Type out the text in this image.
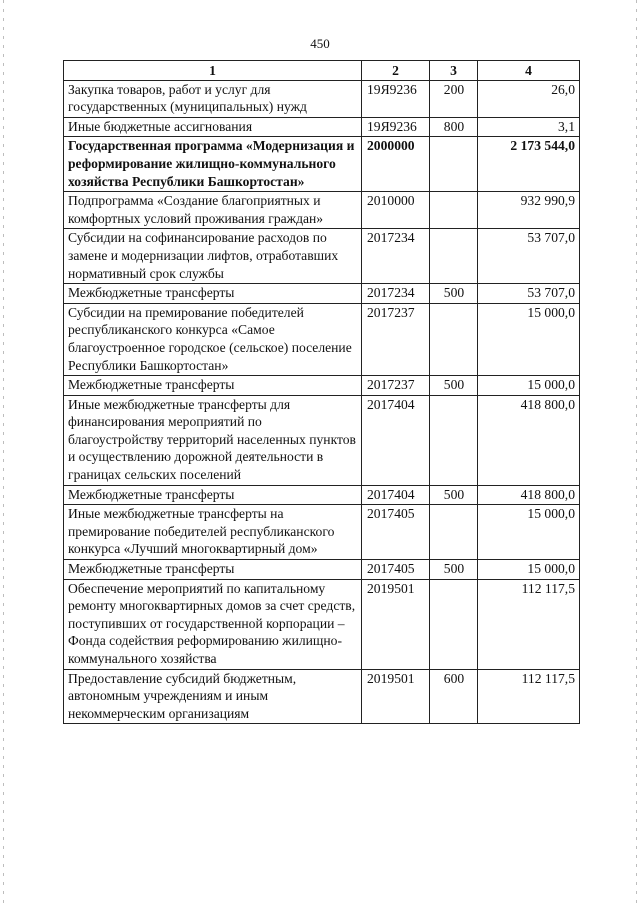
450
1	2	3	4
Закупка товаров, работ и услуг для государственных (муниципальных) нужд	19Я9236	200	26,0
Иные бюджетные ассигнования	19Я9236	800	3,1
Государственная программа «Модернизация и реформирование жилищно-коммунального хозяйства Республики Башкортостан»	2000000		2 173 544,0
Подпрограмма «Создание благоприятных и комфортных условий проживания граждан»	2010000		932 990,9
Субсидии на софинансирование расходов по замене и модернизации лифтов, отработавших нормативный срок службы	2017234		53 707,0
Межбюджетные трансферты	2017234	500	53 707,0
Субсидии на премирование победителей республиканского конкурса «Самое благоустроенное городское (сельское) поселение Республики Башкортостан»	2017237		15 000,0
Межбюджетные трансферты	2017237	500	15 000,0
Иные межбюджетные трансферты для финансирования мероприятий по благоустройству территорий населенных пунктов и осуществлению дорожной деятельности в границах сельских поселений	2017404		418 800,0
Межбюджетные трансферты	2017404	500	418 800,0
Иные межбюджетные трансферты на премирование победителей республиканского конкурса «Лучший многоквартирный дом»	2017405		15 000,0
Межбюджетные трансферты	2017405	500	15 000,0
Обеспечение мероприятий по капитальному ремонту многоквартирных домов за счет средств, поступивших от государственной корпорации – Фонда содействия реформированию жилищно-коммунального хозяйства	2019501		112 117,5
Предоставление субсидий бюджетным, автономным учреждениям и иным некоммерческим организациям	2019501	600	112 117,5
